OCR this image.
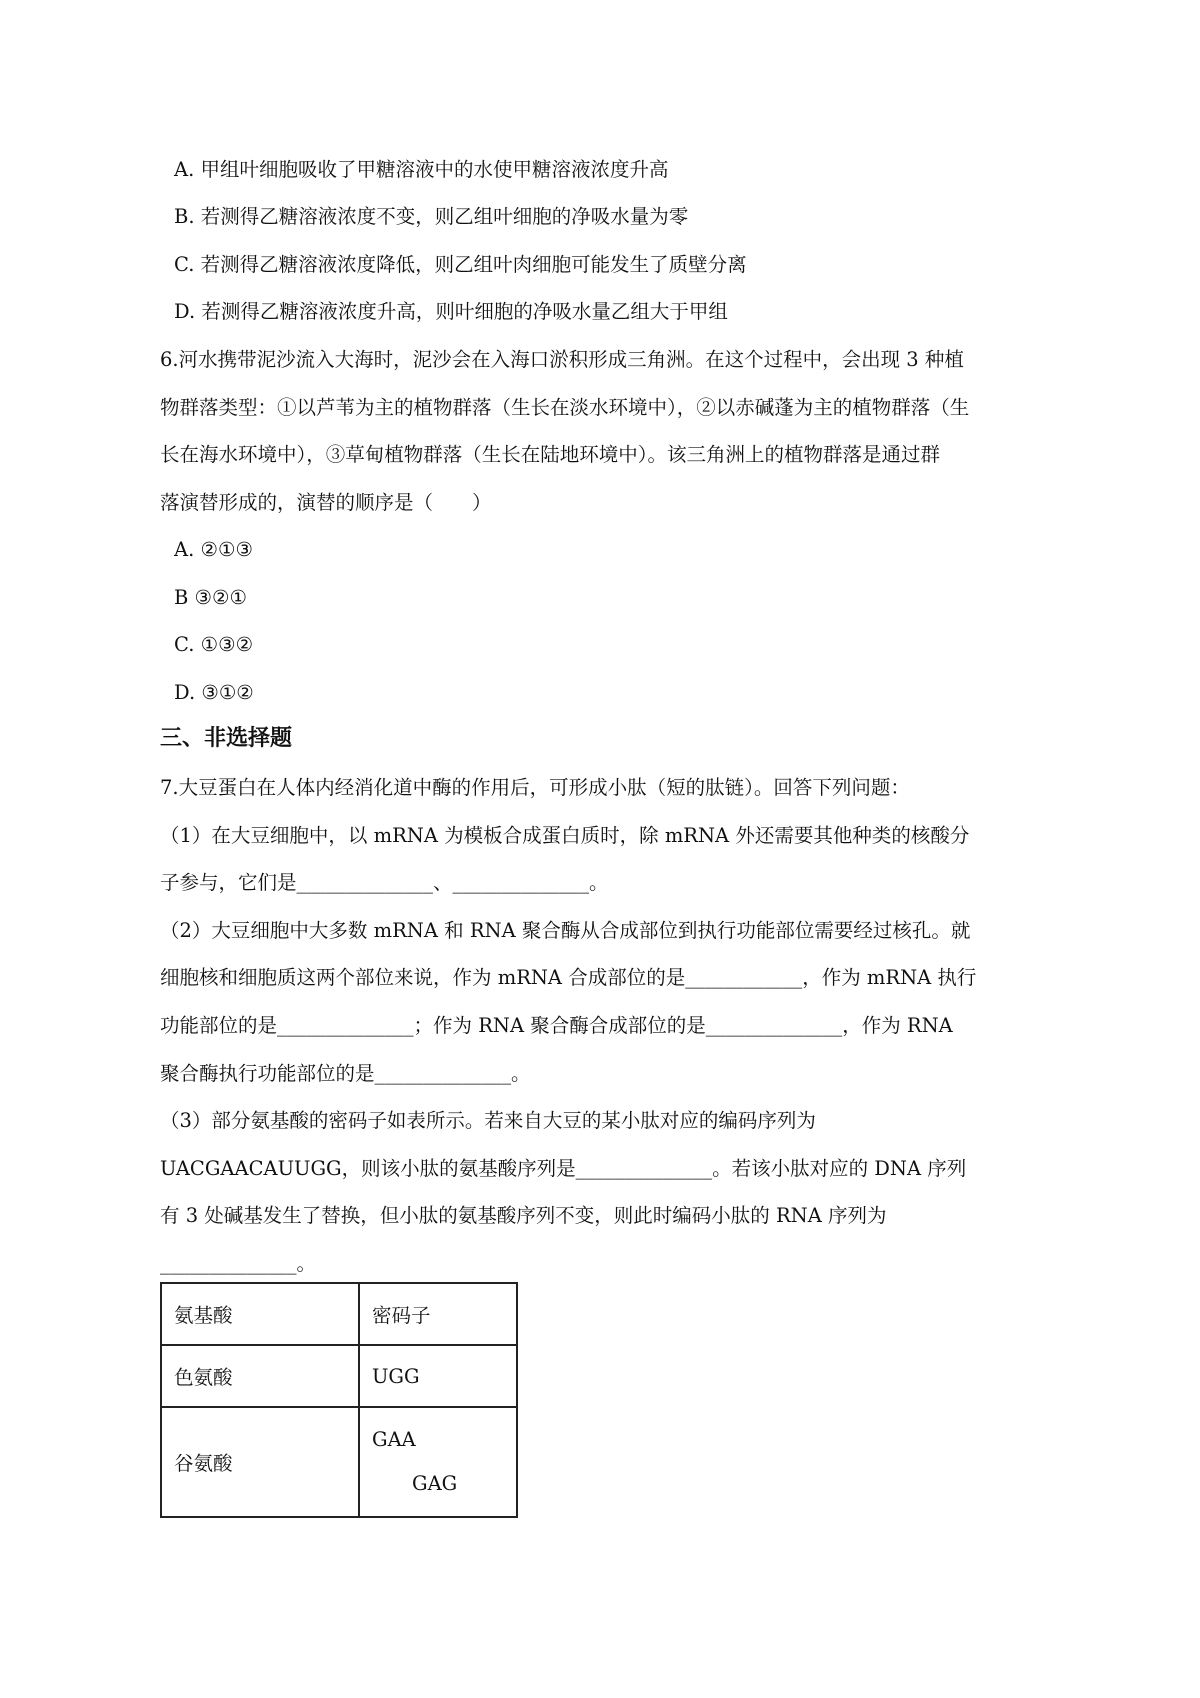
A. 甲组叶细胞吸收了甲糖溶液中的水使甲糖溶液浓度升高
B. 若测得乙糖溶液浓度不变，则乙组叶细胞的净吸水量为零
C. 若测得乙糖溶液浓度降低，则乙组叶肉细胞可能发生了质壁分离
D. 若测得乙糖溶液浓度升高，则叶细胞的净吸水量乙组大于甲组
6.河水携带泥沙流入大海时，泥沙会在入海口淤积形成三角洲。在这个过程中，会出现 3 种植
物群落类型：①以芦苇为主的植物群落（生长在淡水环境中），②以赤碱蓬为主的植物群落（生
长在海水环境中），③草甸植物群落（生长在陆地环境中）。该三角洲上的植物群落是通过群
落演替形成的，演替的顺序是（　　）
A. ②①③
B ③②①
C. ①③②
D. ③①②
三、非选择题
7.大豆蛋白在人体内经消化道中酶的作用后，可形成小肽（短的肽链）。回答下列问题：
（1）在大豆细胞中，以 mRNA 为模板合成蛋白质时，除 mRNA 外还需要其他种类的核酸分
子参与，它们是______________、______________。
（2）大豆细胞中大多数 mRNA 和 RNA 聚合酶从合成部位到执行功能部位需要经过核孔。就
细胞核和细胞质这两个部位来说，作为 mRNA 合成部位的是____________，作为 mRNA 执行
功能部位的是______________；作为 RNA 聚合酶合成部位的是______________，作为 RNA
聚合酶执行功能部位的是______________。
（3）部分氨基酸的密码子如表所示。若来自大豆的某小肽对应的编码序列为
UACGAACAUUGG，则该小肽的氨基酸序列是______________。若该小肽对应的 DNA 序列
有 3 处碱基发生了替换，但小肽的氨基酸序列不变，则此时编码小肽的 RNA 序列为
______________。
氨基酸	密码子
色氨酸	UGG
谷氨酸	GAA
GAG
